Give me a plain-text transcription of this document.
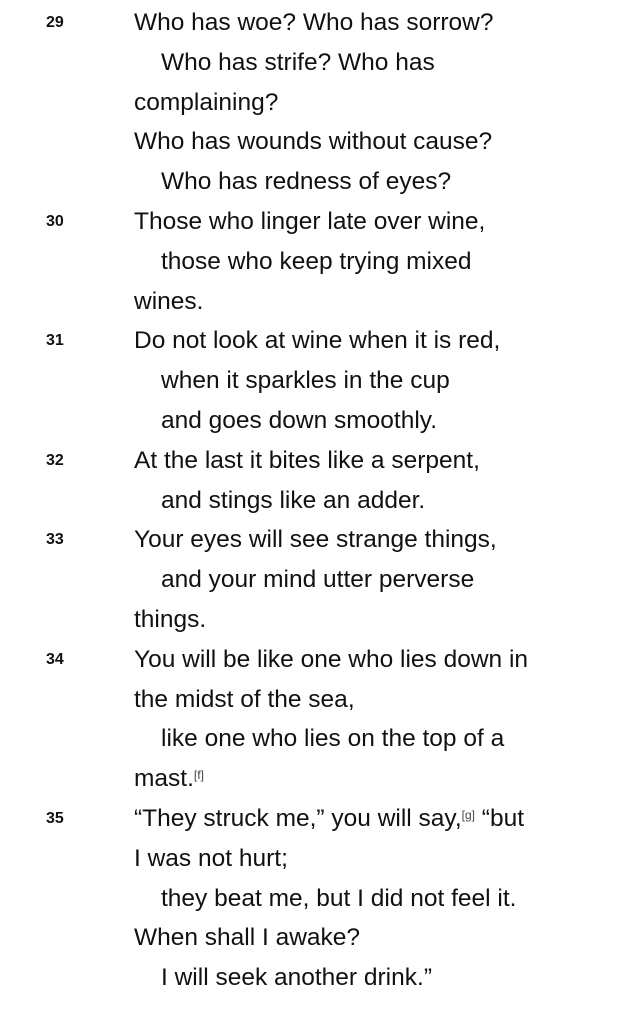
29	Who has woe? Who has sorrow?
Who has strife? Who has
complaining?
Who has wounds without cause?
Who has redness of eyes?
30	Those who linger late over wine,
those who keep trying mixed
wines.
31	Do not look at wine when it is red,
when it sparkles in the cup
and goes down smoothly.
32	At the last it bites like a serpent,
and stings like an adder.
33	Your eyes will see strange things,
and your mind utter perverse
things.
34	You will be like one who lies down in
the midst of the sea,
like one who lies on the top of a
mast.[f]
35	“They struck me,” you will say,[g] “but
I was not hurt;
they beat me, but I did not feel it.
When shall I awake?
I will seek another drink.”
